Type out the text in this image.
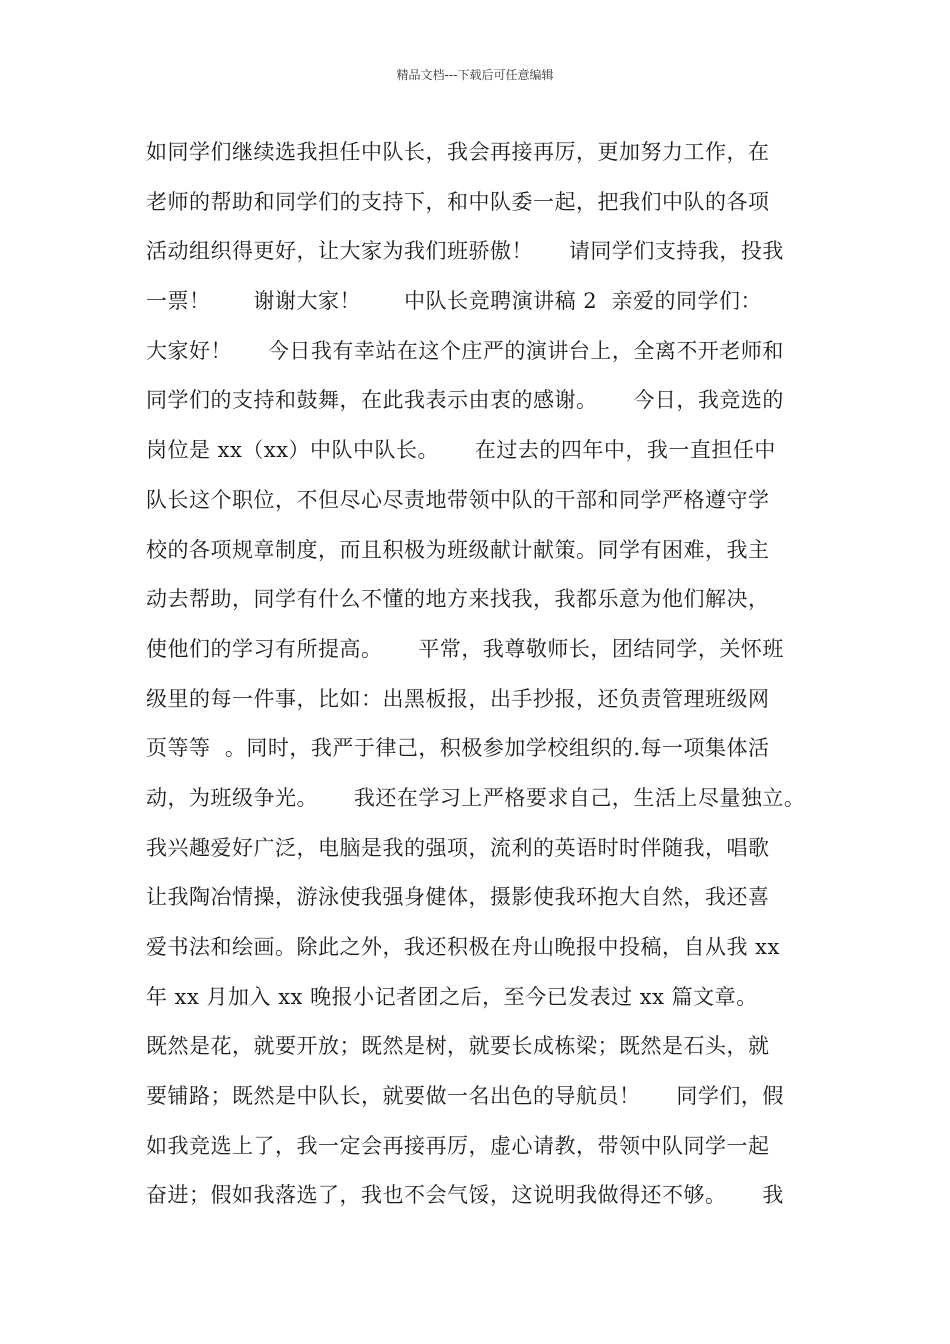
精品文档---下载后可任意编辑
如同学们继续选我担任中队长，我会再接再厉，更加努力工作，在
老师的帮助和同学们的支持下，和中队委一起，把我们中队的各项
活动组织得更好，让大家为我们班骄傲！     请同学们支持我，投我
一票！      谢谢大家！      中队长竞聘演讲稿 2  亲爱的同学们：
大家好！     今日我有幸站在这个庄严的演讲台上，全离不开老师和
同学们的支持和鼓舞，在此我表示由衷的感谢。     今日，我竞选的
岗位是 xx（xx）中队中队长。     在过去的四年中，我一直担任中
队长这个职位，不但尽心尽责地带领中队的干部和同学严格遵守学
校的各项规章制度，而且积极为班级献计献策。同学有困难，我主
动去帮助，同学有什么不懂的地方来找我，我都乐意为他们解决，
使他们的学习有所提高。     平常，我尊敬师长，团结同学，关怀班
级里的每一件事，比如：出黑板报，出手抄报，还负责管理班级网
页等等  。同时，我严于律己，积极参加学校组织的.每一项集体活
动，为班级争光。     我还在学习上严格要求自己，生活上尽量独立。
我兴趣爱好广泛，电脑是我的强项，流利的英语时时伴随我，唱歌
让我陶冶情操，游泳使我强身健体，摄影使我环抱大自然，我还喜
爱书法和绘画。除此之外，我还积极在舟山晚报中投稿，自从我 xx
年 xx 月加入 xx 晚报小记者团之后，至今已发表过 xx 篇文章。
既然是花，就要开放；既然是树，就要长成栋梁；既然是石头，就
要铺路；既然是中队长，就要做一名出色的导航员！     同学们，假
如我竞选上了，我一定会再接再厉，虚心请教，带领中队同学一起
奋进；假如我落选了，我也不会气馁，这说明我做得还不够。     我
